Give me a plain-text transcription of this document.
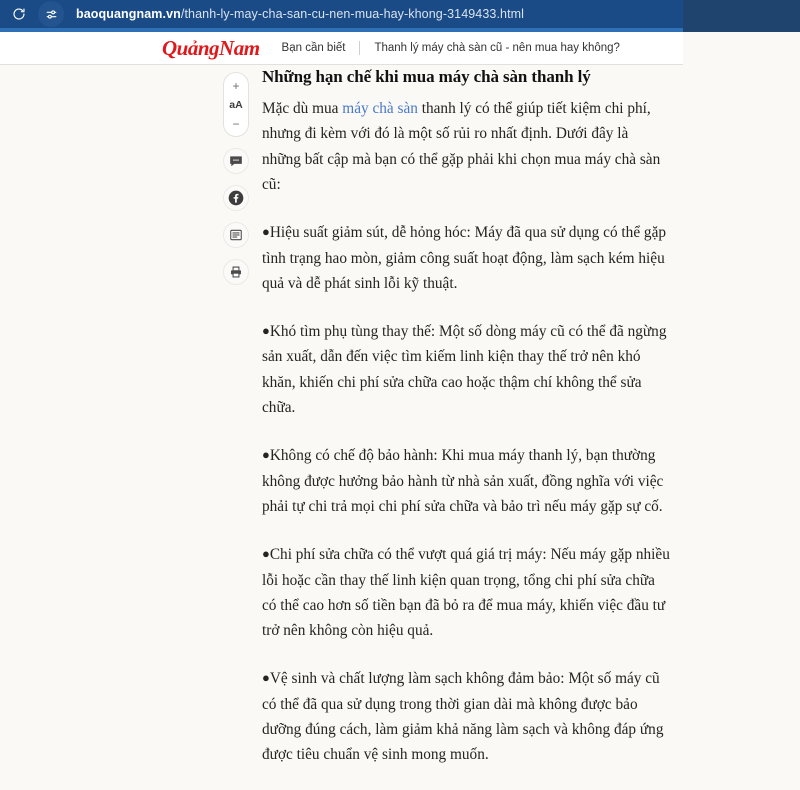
baoquangnam.vn/thanh-ly-may-cha-san-cu-nen-mua-hay-khong-3149433.html
QuảngNam Bạn cần biết	Thanh lý máy chà sàn cũ - nên mua hay không?
+
aA
−
Những hạn chế khi mua máy chà sàn thanh lý

Mặc dù mua máy chà sàn thanh lý có thể giúp tiết kiệm chi phí, nhưng đi kèm với đó là một số rủi ro nhất định. Dưới đây là những bất cập mà bạn có thể gặp phải khi chọn mua máy chà sàn cũ:

●Hiệu suất giảm sút, dễ hỏng hóc: Máy đã qua sử dụng có thể gặp tình trạng hao mòn, giảm công suất hoạt động, làm sạch kém hiệu quả và dễ phát sinh lỗi kỹ thuật.

●Khó tìm phụ tùng thay thế: Một số dòng máy cũ có thể đã ngừng sản xuất, dẫn đến việc tìm kiếm linh kiện thay thế trở nên khó khăn, khiến chi phí sửa chữa cao hoặc thậm chí không thể sửa chữa.

●Không có chế độ bảo hành: Khi mua máy thanh lý, bạn thường không được hưởng bảo hành từ nhà sản xuất, đồng nghĩa với việc phải tự chi trả mọi chi phí sửa chữa và bảo trì nếu máy gặp sự cố.

●Chi phí sửa chữa có thể vượt quá giá trị máy: Nếu máy gặp nhiều lỗi hoặc cần thay thế linh kiện quan trọng, tổng chi phí sửa chữa có thể cao hơn số tiền bạn đã bỏ ra để mua máy, khiến việc đầu tư trở nên không còn hiệu quả.

●Vệ sinh và chất lượng làm sạch không đảm bảo: Một số máy cũ có thể đã qua sử dụng trong thời gian dài mà không được bảo dưỡng đúng cách, làm giảm khả năng làm sạch và không đáp ứng được tiêu chuẩn vệ sinh mong muốn.
